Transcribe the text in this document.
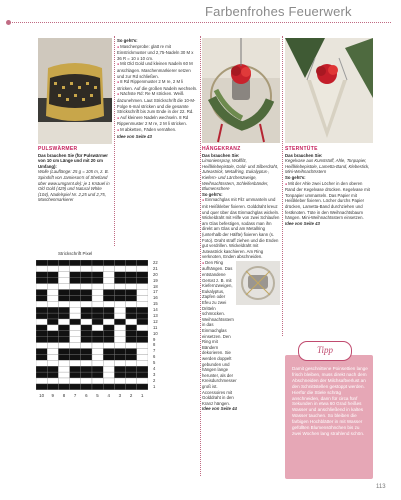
Farbenfrohes Feuerwerk

PULSWÄRMER

Das brauchen Sie (für Pulswärmer von 10 cm Länge und mit 20 cm Umfang):

Wolle (Lauflänge: 25 g = 105 m, z. B. Spindrift von Jamieson's of Shetland über www.umgarnt.de): je 1 Knäuel in Old Gold (429) und Natural White (104), Nadelspiel Nr. 2,25 und 2,75, Maschenmarkierer

So geht's:

● Maschenprobe: glatt re mit Einstrickmuster und 2,75-Nadeln 30 M x 36 R = 10 x 10 cm.

● Mit Old Gold und kleinen Nadeln 60 M anschlagen. Maschenmarkierer setzen und zur Rd schließen.

● 8 Rd Rippenmuster 2 M re, 2 M li stricken. Auf die großen Nadeln wechseln.

● Nächste Rd: Re M stricken. Weiß dazunehmen. Laut Strickschrift die 10-M-Folge 6-mal stricken und die gesamte Strickschrift bis zum Ende in der 22. Rd.

● Auf kleinere Nadeln wechseln. 8 Rd Rippenmuster 2 M re, 2 M li stricken.

● M abketten, Fäden vernähen.

Idee von Seite 43

Strickschrift Pixel
22
21
20
19
18
17
16
15
14
13
12
11
10
9
8
7
6
5
4
3
2
1
10 9 8 7 6 5 4 3 2 1

HÄNGEKRANZ

Das brauchen Sie:

Limonienspray, Wollfilz, Heißklebepistole, Gold- und Silberdraht, Juteastrick, Metallring, Eukalyptus-, Kiefern- und Lärchenzweige, Weihnachtsstern, Schleifenbänder, Blumenschere

So geht's:

● Einmachglas mit Filz ummanteln und mit Heißkleber fixieren. Golddraht kreuz und quer über das Einmachglas wickeln. Wickeldraht mit Hilfe von zwei Schlaufen am Glas befestigen, sodass man ihn direkt am Glas und am Metallring (unterhalb der Hälfte) fixieren kann (s. Foto). Draht straff ziehen und die Enden gut verdrillen. Wickeldraht mit Juteastrick kaschieren. Am Ring verknoten, Enden abschneiden.

● Den Ring aufhängen. Das entstandene Gerüst z. B. mit Kiefernzweigen, Eukalyptus, Zapfen oder Efeu zu zwei Dritteln schmücken. Weihnachtsstern in das Einmachglas einsetzen. Den Ring mit Bändern dekorieren. Sie werden doppelt gebunden und hängen lange herunter, als der Kreisdurchmesser groß ist. Accessoires mit Golddraht in den Kranz hängen.

Idee von Seite 44

STERNTÜTE

Das brauchen Sie:

Kegelvase aus Kunststoff, Ahle, Tonpapier, Heißklebepistole, Lametta-Band, Klebestick, Mini-Weihnachtsstern

So geht's:

● Mit der Ahle zwei Löcher in den oberen Rand der Kegelvase drücken. Kegelvase mit Tonpapier ummanteln. Das Papier mit Heißkleber fixieren. Löcher durchs Papier drücken, Lametta-Band durchziehen und festknoten. Tüte in den Weihnachtsbaum hängen. Mini-Weihnachtsstern einsetzen.

Idee von Seite 43

Tipp
Damit geschnittene Poinsettien lange frisch bleiben, muss direkt nach dem Abschneiden der Milchsaftverlust an den Schnittstellen gestoppt werden. Hierfür die Stiele schräg anschneiden, dann für circa fünf Sekunden in etwa 60 Grad heißes Wasser und anschließend in kaltes Wasser tauchen. So bleiben die farbigen Hochblätter in mit Wasser gefüllten Blumensöhnchen bis zu zwei Wochen lang strahlend schön.
113
